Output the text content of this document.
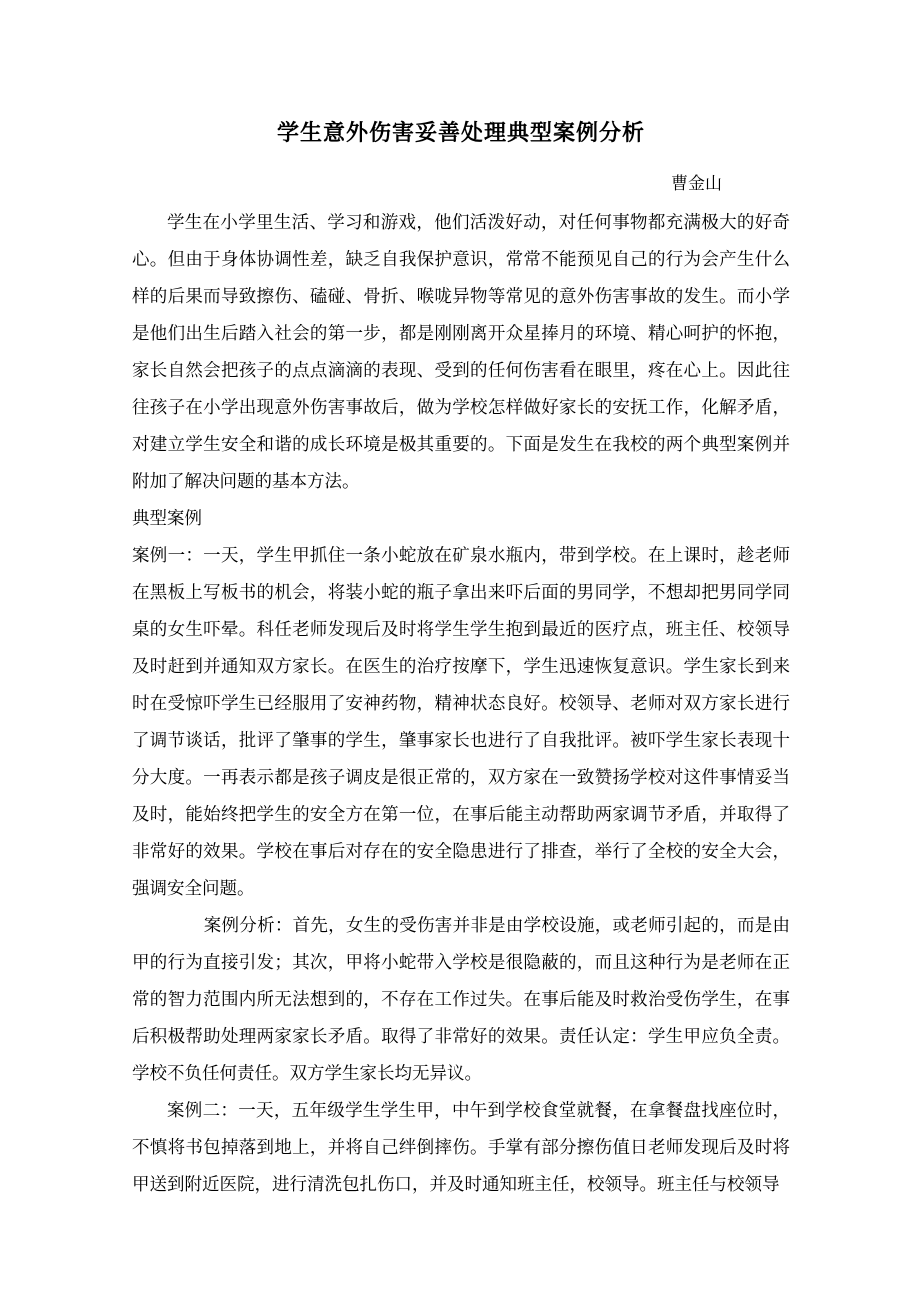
学生意外伤害妥善处理典型案例分析
曹金山

学生在小学里生活、学习和游戏，他们活泼好动，对任何事物都充满极大的好奇心。但由于身体协调性差，缺乏自我保护意识，常常不能预见自己的行为会产生什么样的后果而导致擦伤、磕碰、骨折、喉咙异物等常见的意外伤害事故的发生。而小学是他们出生后踏入社会的第一步，都是刚刚离开众星捧月的环境、精心呵护的怀抱，家长自然会把孩子的点点滴滴的表现、受到的任何伤害看在眼里，疼在心上。因此往往孩子在小学出现意外伤害事故后，做为学校怎样做好家长的安抚工作，化解矛盾，对建立学生安全和谐的成长环境是极其重要的。下面是发生在我校的两个典型案例并附加了解决问题的基本方法。

典型案例

案例一：一天，学生甲抓住一条小蛇放在矿泉水瓶内，带到学校。在上课时，趁老师在黑板上写板书的机会，将装小蛇的瓶子拿出来吓后面的男同学，不想却把男同学同桌的女生吓晕。科任老师发现后及时将学生学生抱到最近的医疗点，班主任、校领导及时赶到并通知双方家长。在医生的治疗按摩下，学生迅速恢复意识。学生家长到来时在受惊吓学生已经服用了安神药物，精神状态良好。校领导、老师对双方家长进行了调节谈话，批评了肇事的学生，肇事家长也进行了自我批评。被吓学生家长表现十分大度。一再表示都是孩子调皮是很正常的，双方家在一致赞扬学校对这件事情妥当及时，能始终把学生的安全方在第一位，在事后能主动帮助两家调节矛盾，并取得了非常好的效果。学校在事后对存在的安全隐患进行了排查，举行了全校的安全大会，强调安全问题。

案例分析：首先，女生的受伤害并非是由学校设施，或老师引起的，而是由甲的行为直接引发；其次，甲将小蛇带入学校是很隐蔽的，而且这种行为是老师在正常的智力范围内所无法想到的，不存在工作过失。在事后能及时救治受伤学生，在事后积极帮助处理两家家长矛盾。取得了非常好的效果。责任认定：学生甲应负全责。学校不负任何责任。双方学生家长均无异议。

案例二：一天，五年级学生学生甲，中午到学校食堂就餐，在拿餐盘找座位时，不慎将书包掉落到地上，并将自己绊倒摔伤。手掌有部分擦伤值日老师发现后及时将甲送到附近医院，进行清洗包扎伤口，并及时通知班主任，校领导。班主任与校领导
